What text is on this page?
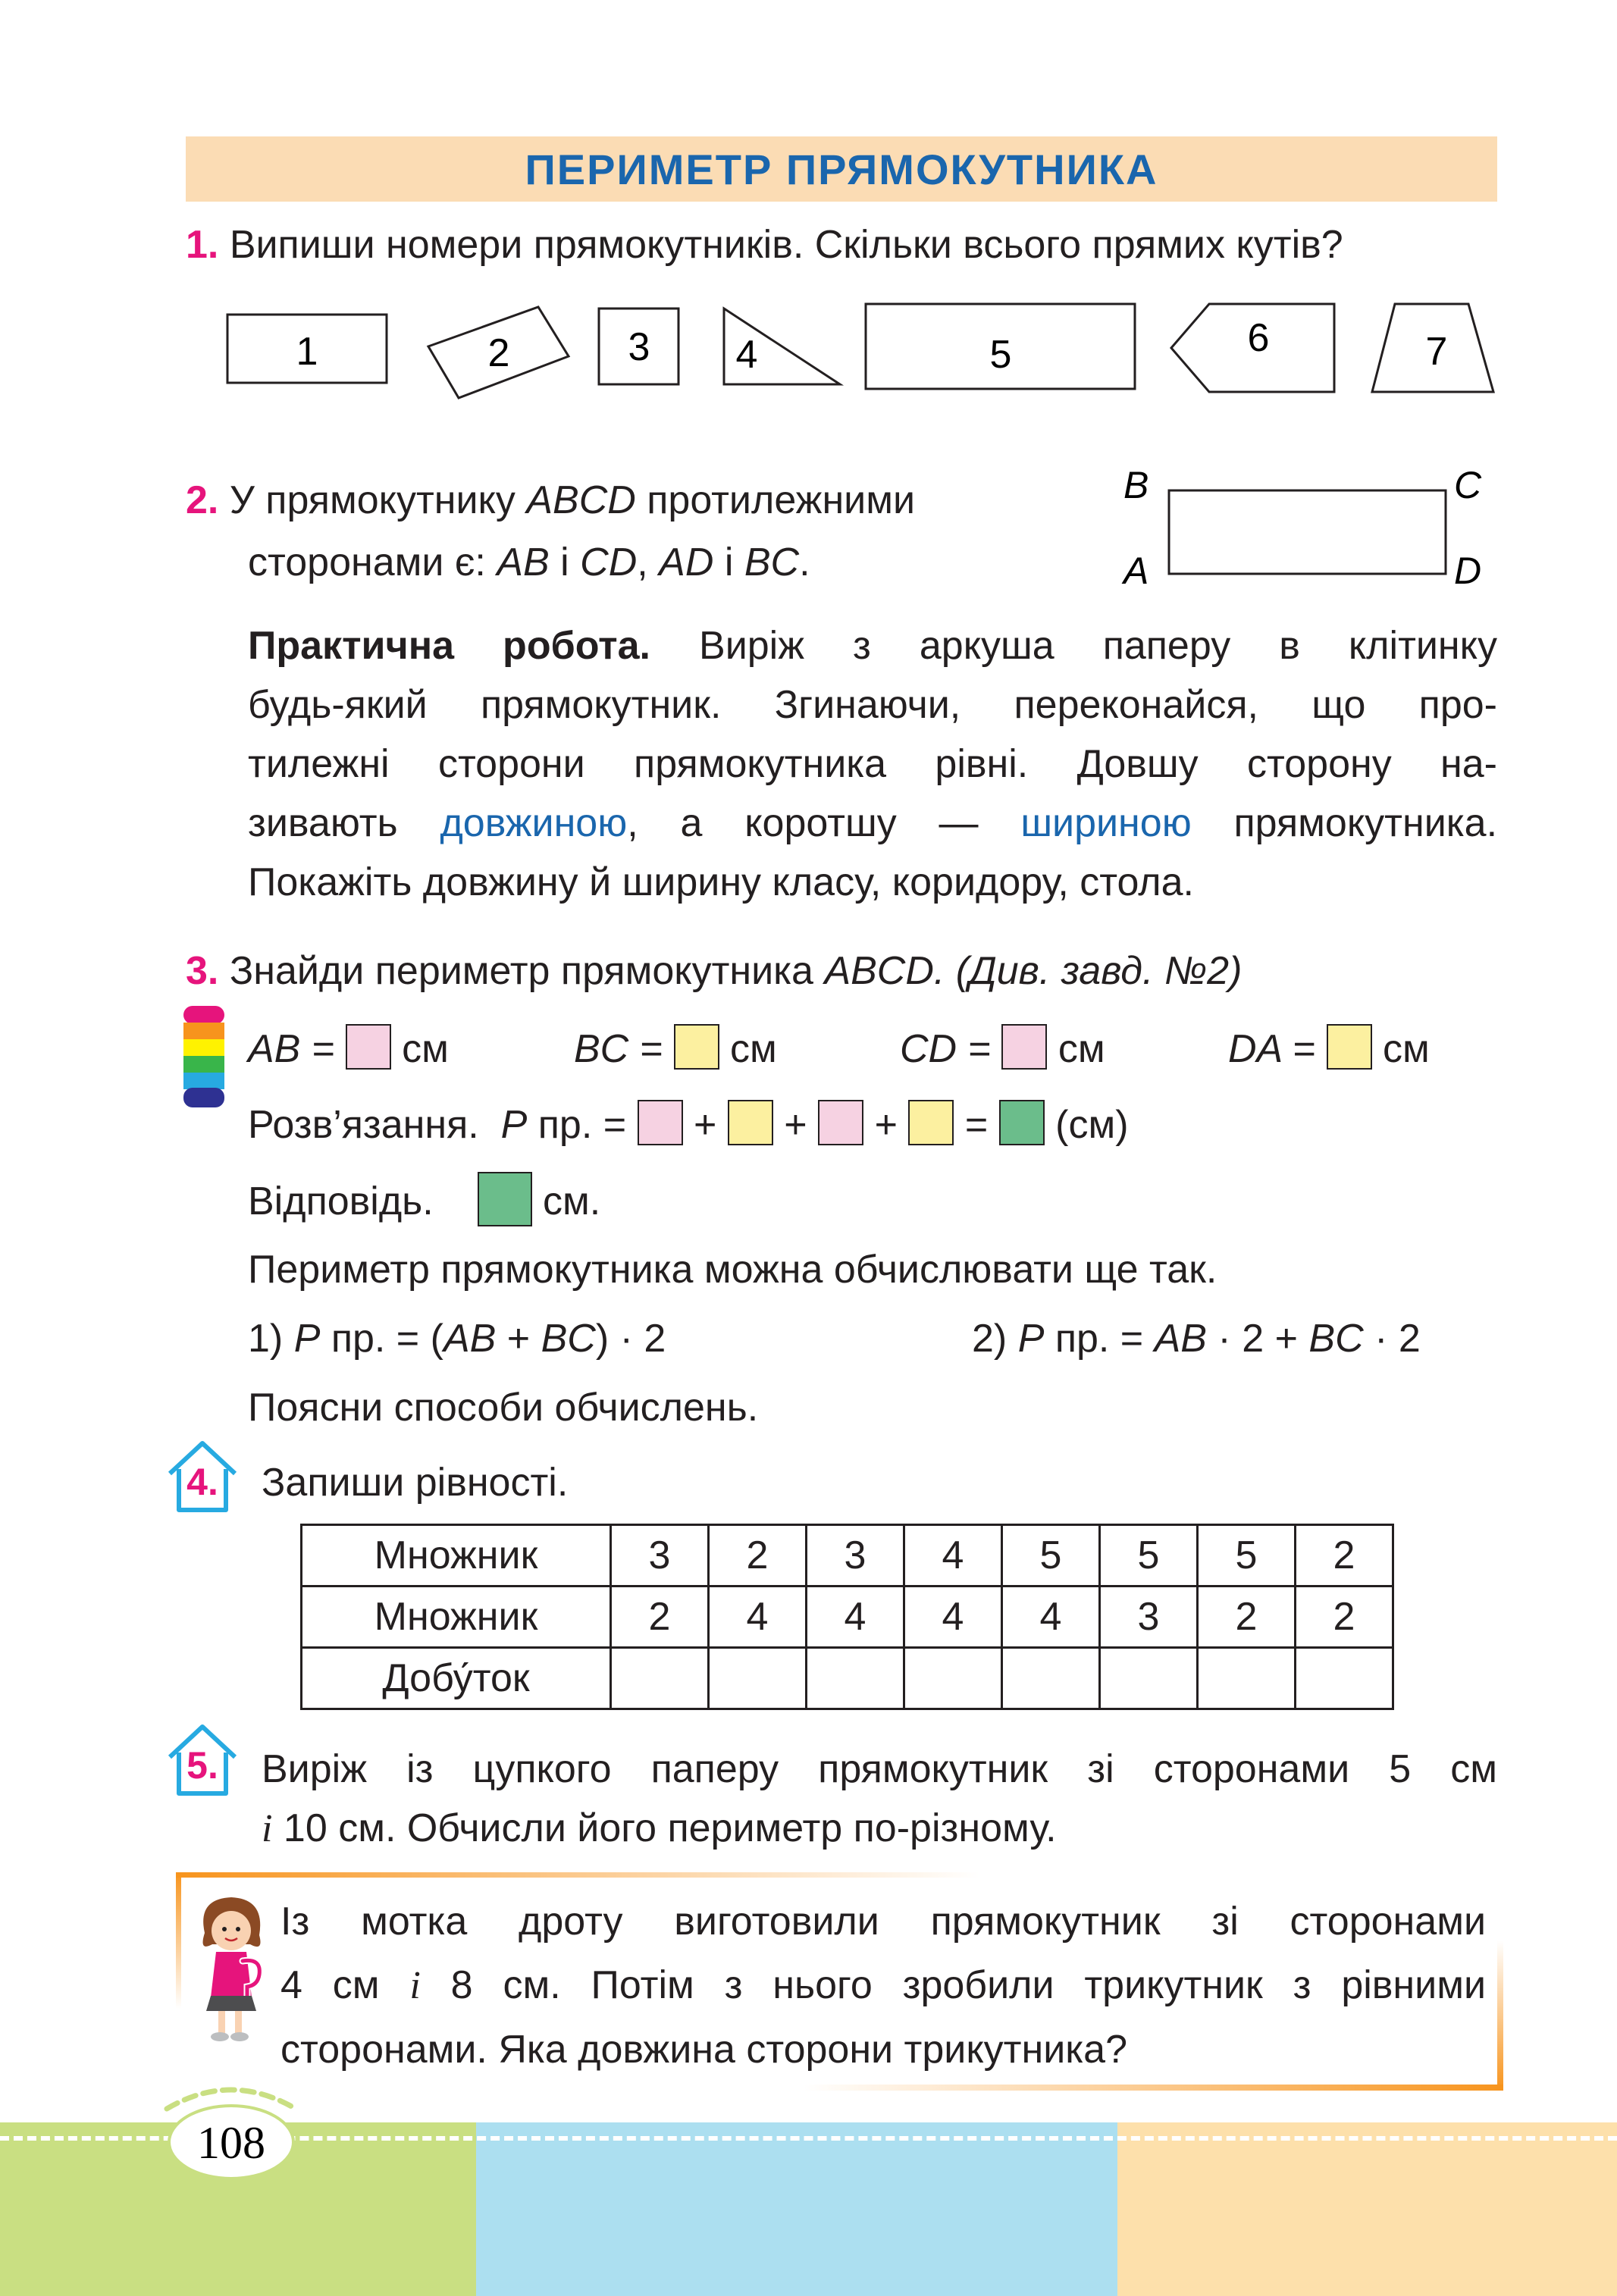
ПЕРИМЕТР ПРЯМОКУТНИКА
1. Випиши номери прямокутників. Скільки всього прямих кутів?
1	2	3 4	5	6	7
2. У прямокутнику ABCD протилежними
сторонами є: AB і CD, AD і BC.
B	C
A	D
Практична робота. Виріж з аркуша паперу в клітинку
будь-який прямокутник. Згинаючи, переконайся, що про-
тилежні сторони прямокутника рівні. Довшу сторону на-
зивають довжиною, а коротшу — шириною прямокутника.
Покажіть довжину й ширину класу, коридору, стола.
3. Знайди периметр прямокутника ABCD. (Див. завд. №2)
AB = см	BC = см	CD = см	DA = см
Розв’язання. P пр. = + + + = (см)
Відповідь.	см.
Периметр прямокутника можна обчислювати ще так.
1) P пр. = (AB + BC) · 2	2) P пр. = AB · 2 + BC · 2
Поясни способи обчислень.
4.	Запиши рівності.
Множник	3	2	3	4	5	5	5	2
Множник	2	4	4	4	4	3	2	2
Добу́ток								
5.	Виріж із цупкого паперу прямокутник зі сторонами 5 см
і 10 см. Обчисли його периметр по-різному.
Із мотка дроту виготовили прямокутник зі сторонами
4 см і 8 см. Потім з нього зробили трикутник з рівними
сторонами. Яка довжина сторони трикутника?
108
